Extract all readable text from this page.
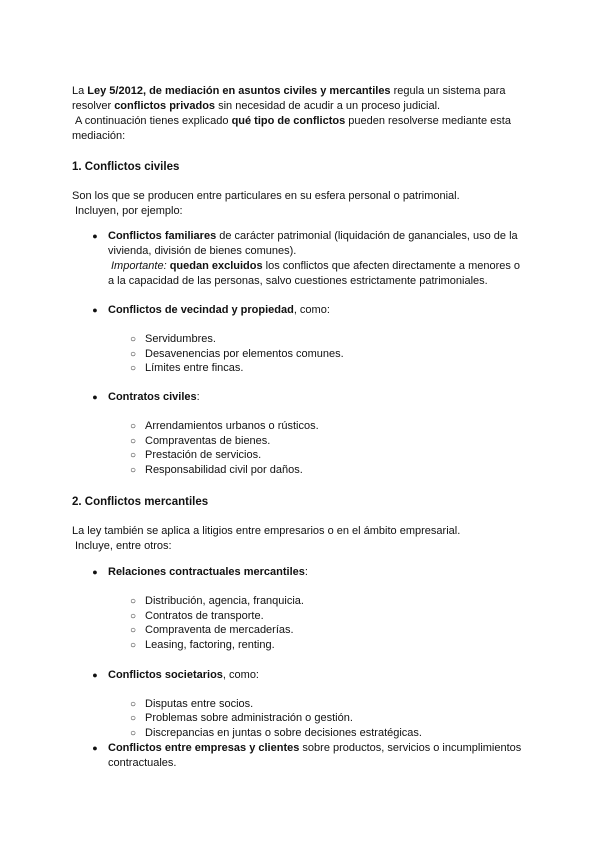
La Ley 5/2012, de mediación en asuntos civiles y mercantiles regula un sistema para resolver conflictos privados sin necesidad de acudir a un proceso judicial.
A continuación tienes explicado qué tipo de conflictos pueden resolverse mediante esta mediación:
1. Conflictos civiles
Son los que se producen entre particulares en su esfera personal o patrimonial.
Incluyen, por ejemplo:
● Conflictos familiares de carácter patrimonial (liquidación de gananciales, uso de la vivienda, división de bienes comunes).
Importante: quedan excluidos los conflictos que afecten directamente a menores o a la capacidad de las personas, salvo cuestiones estrictamente patrimoniales.
● Conflictos de vecindad y propiedad, como:
○ Servidumbres.
○ Desavenencias por elementos comunes.
○ Límites entre fincas.
● Contratos civiles:
○ Arrendamientos urbanos o rústicos.
○ Compraventas de bienes.
○ Prestación de servicios.
○ Responsabilidad civil por daños.
2. Conflictos mercantiles
La ley también se aplica a litigios entre empresarios o en el ámbito empresarial.
Incluye, entre otros:
● Relaciones contractuales mercantiles:
○ Distribución, agencia, franquicia.
○ Contratos de transporte.
○ Compraventa de mercaderías.
○ Leasing, factoring, renting.
● Conflictos societarios, como:
○ Disputas entre socios.
○ Problemas sobre administración o gestión.
○ Discrepancias en juntas o sobre decisiones estratégicas.
● Conflictos entre empresas y clientes sobre productos, servicios o incumplimientos contractuales.
